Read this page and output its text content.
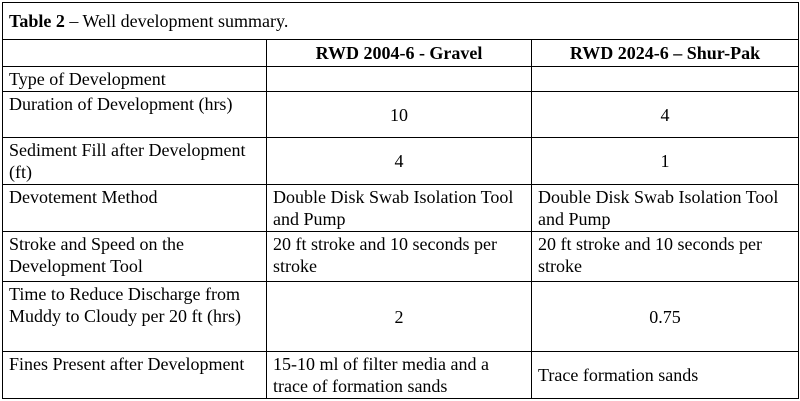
Table 2 – Well development summary.		
	RWD 2004-6 - Gravel	RWD 2024-6 – Shur-Pak
Type of Development		
Duration of Development (hrs)	10	4
Sediment Fill after Development (ft)	4	1
Devotement Method	Double Disk Swab Isolation Tool and Pump	Double Disk Swab Isolation Tool and Pump
Stroke and Speed on the Development Tool	20 ft stroke and 10 seconds per stroke	20 ft stroke and 10 seconds per stroke
Time to Reduce Discharge from Muddy to Cloudy per 20 ft (hrs)	2	0.75
Fines Present after Development	15-10 ml of filter media and a trace of formation sands	Trace formation sands
